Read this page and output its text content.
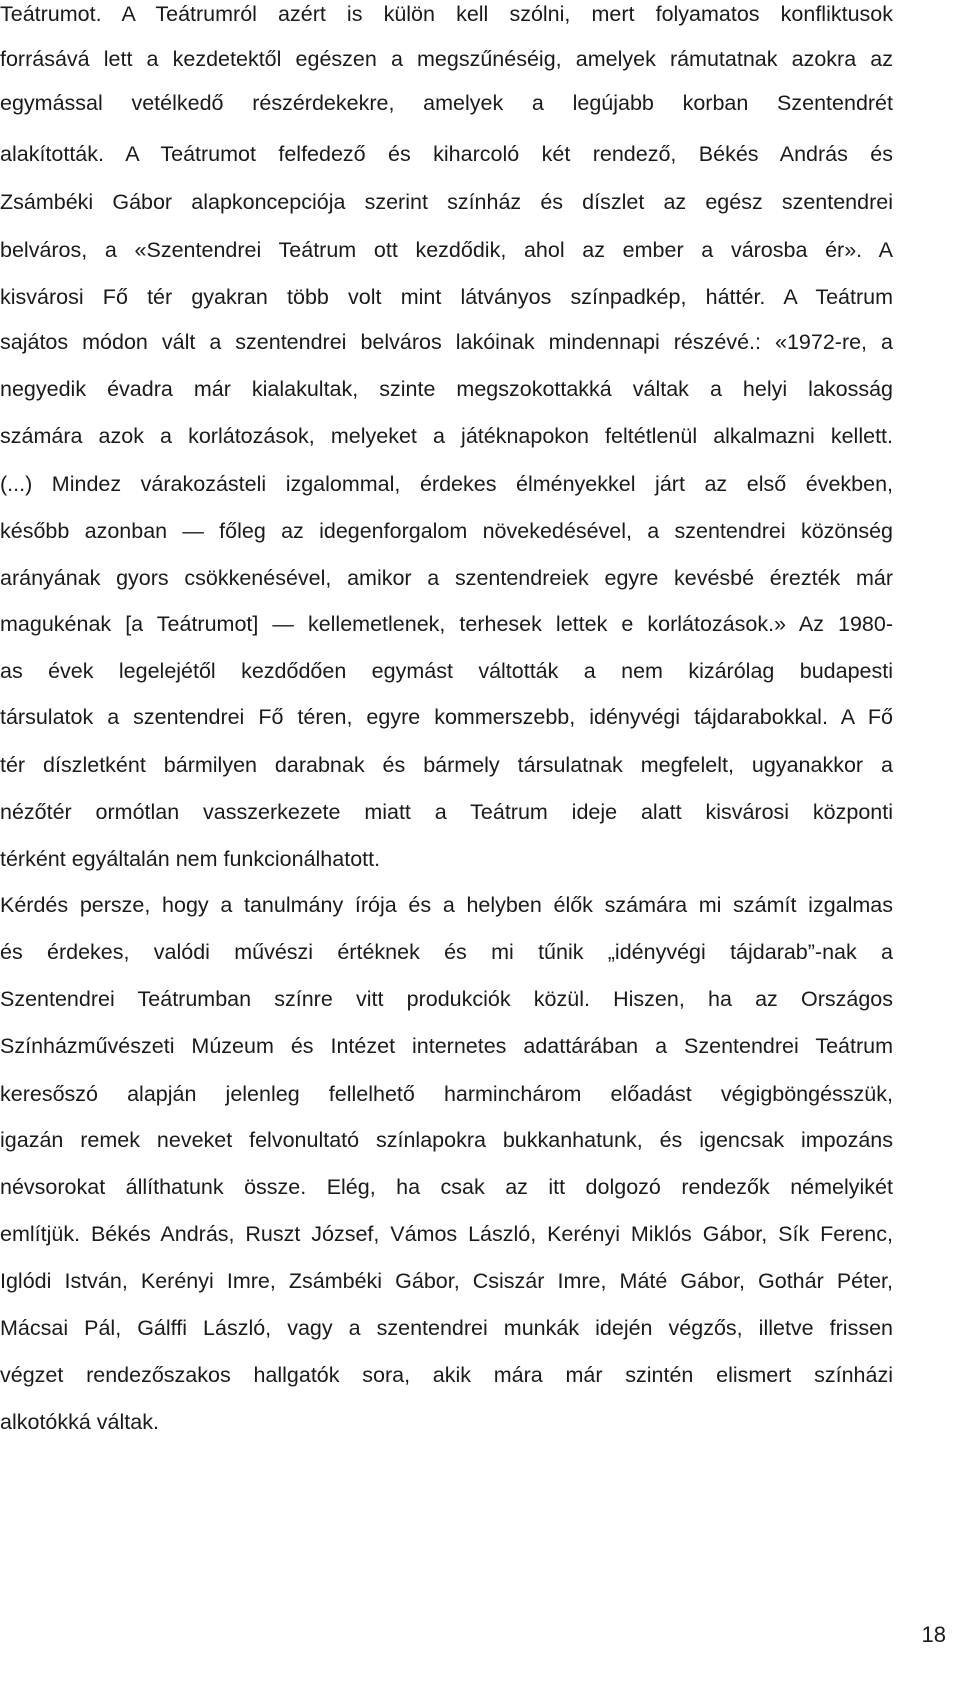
Teátrumot. A Teátrumról azért is külön kell szólni, mert folyamatos konfliktusok
forrásává lett a kezdetektől egészen a megszűnéséig, amelyek rámutatnak azokra az
egymással vetélkedő részérdekekre, amelyek a legújabb korban Szentendrét
alakították. A Teátrumot felfedező és kiharcoló két rendező, Békés András és
Zsámbéki Gábor alapkoncepciója szerint színház és díszlet az egész szentendrei
belváros, a «Szentendrei Teátrum ott kezdődik, ahol az ember a városba ér». A
kisvárosi Fő tér gyakran több volt mint látványos színpadkép, háttér. A Teátrum
sajátos módon vált a szentendrei belváros lakóinak mindennapi részévé.: «1972-re, a
negyedik évadra már kialakultak, szinte megszokottakká váltak a helyi lakosság
számára azok a korlátozások, melyeket a játéknapokon feltétlenül alkalmazni kellett.
(...) Mindez várakozásteli izgalommal, érdekes élményekkel járt az első években,
később azonban — főleg az idegenforgalom növekedésével, a szentendrei közönség
arányának gyors csökkenésével, amikor a szentendreiek egyre kevésbé érezték már
magukénak [a Teátrumot] — kellemetlenek, terhesek lettek e korlátozások.» Az 1980-
as évek legelejétől kezdődően egymást váltották a nem kizárólag budapesti
társulatok a szentendrei Fő téren, egyre kommerszebb, idényvégi tájdarabokkal. A Fő
tér díszletként bármilyen darabnak és bármely társulatnak megfelelt, ugyanakkor a
nézőtér ormótlan vasszerkezete miatt a Teátrum ideje alatt kisvárosi központi
térként egyáltalán nem funkcionálhatott.
Kérdés persze, hogy a tanulmány írója és a helyben élők számára mi számít izgalmas
és érdekes, valódi művészi értéknek és mi tűnik „idényvégi tájdarab”-nak a
Szentendrei Teátrumban színre vitt produkciók közül. Hiszen, ha az Országos
Színházművészeti Múzeum és Intézet internetes adattárában a Szentendrei Teátrum
keresőszó alapján jelenleg fellelhető harminchárom előadást végigböngésszük,
igazán remek neveket felvonultató színlapokra bukkanhatunk, és igencsak impozáns
névsorokat állíthatunk össze. Elég, ha csak az itt dolgozó rendezők némelyikét
említjük. Békés András, Ruszt József, Vámos László, Kerényi Miklós Gábor, Sík Ferenc,
Iglódi István, Kerényi Imre, Zsámbéki Gábor, Csiszár Imre, Máté Gábor, Gothár Péter,
Mácsai Pál, Gálffi László, vagy a szentendrei munkák idején végzős, illetve frissen
végzet rendezőszakos hallgatók sora, akik mára már szintén elismert színházi
alkotókká váltak.
18
